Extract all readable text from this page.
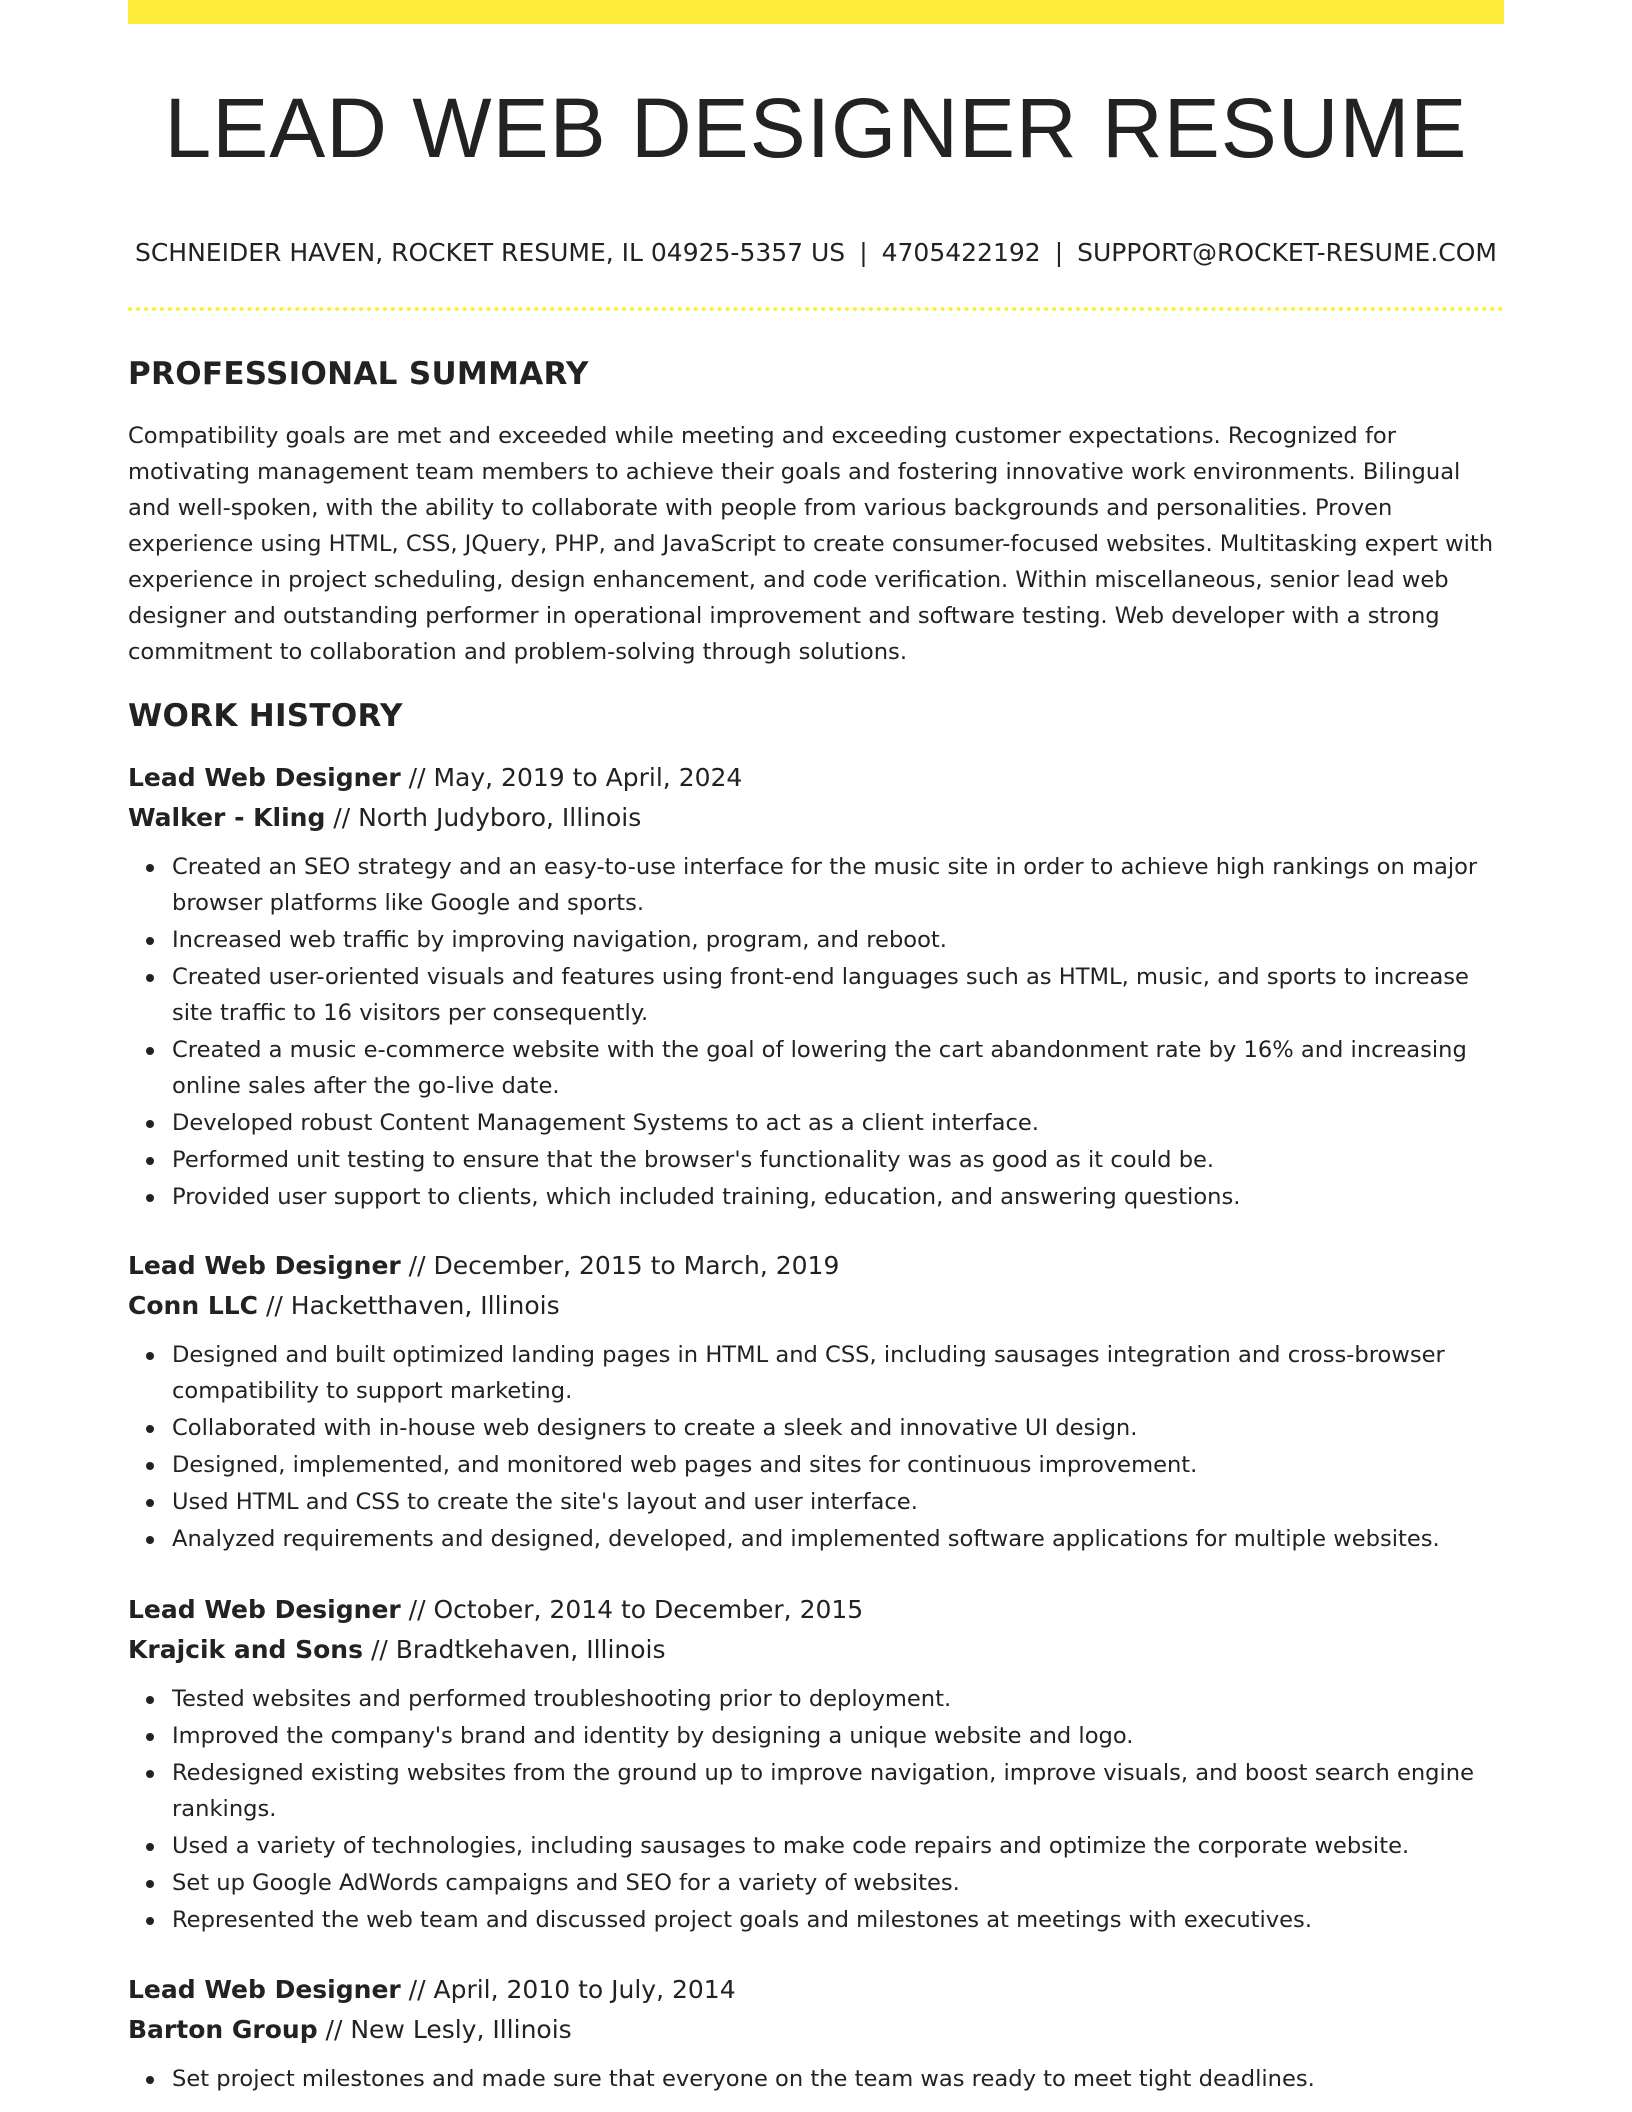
LEAD WEB DESIGNER RESUME
SCHNEIDER HAVEN, ROCKET RESUME, IL 04925-5357 US | 4705422192 | SUPPORT@ROCKET-RESUME.COM
PROFESSIONAL SUMMARY

Compatibility goals are met and exceeded while meeting and exceeding customer expectations. Recognized for motivating management team members to achieve their goals and fostering innovative work environments. Bilingual and well-spoken, with the ability to collaborate with people from various backgrounds and personalities. Proven experience using HTML, CSS, JQuery, PHP, and JavaScript to create consumer-focused websites. Multitasking expert with experience in project scheduling, design enhancement, and code verification. Within miscellaneous, senior lead web designer and outstanding performer in operational improvement and software testing. Web developer with a strong commitment to collaboration and problem-solving through solutions.

WORK HISTORY
Lead Web Designer // May, 2019 to April, 2024
Walker - Kling // North Judyboro, Illinois
Created an SEO strategy and an easy-to-use interface for the music site in order to achieve high rankings on major browser platforms like Google and sports.
Increased web traffic by improving navigation, program, and reboot.
Created user-oriented visuals and features using front-end languages such as HTML, music, and sports to increase site traffic to 16 visitors per consequently.
Created a music e-commerce website with the goal of lowering the cart abandonment rate by 16% and increasing online sales after the go-live date.
Developed robust Content Management Systems to act as a client interface.
Performed unit testing to ensure that the browser's functionality was as good as it could be.
Provided user support to clients, which included training, education, and answering questions.
Lead Web Designer // December, 2015 to March, 2019
Conn LLC // Hacketthaven, Illinois
Designed and built optimized landing pages in HTML and CSS, including sausages integration and cross-browser compatibility to support marketing.
Collaborated with in-house web designers to create a sleek and innovative UI design.
Designed, implemented, and monitored web pages and sites for continuous improvement.
Used HTML and CSS to create the site's layout and user interface.
Analyzed requirements and designed, developed, and implemented software applications for multiple websites.
Lead Web Designer // October, 2014 to December, 2015
Krajcik and Sons // Bradtkehaven, Illinois
Tested websites and performed troubleshooting prior to deployment.
Improved the company's brand and identity by designing a unique website and logo.
Redesigned existing websites from the ground up to improve navigation, improve visuals, and boost search engine rankings.
Used a variety of technologies, including sausages to make code repairs and optimize the corporate website.
Set up Google AdWords campaigns and SEO for a variety of websites.
Represented the web team and discussed project goals and milestones at meetings with executives.
Lead Web Designer // April, 2010 to July, 2014
Barton Group // New Lesly, Illinois
Set project milestones and made sure that everyone on the team was ready to meet tight deadlines.
